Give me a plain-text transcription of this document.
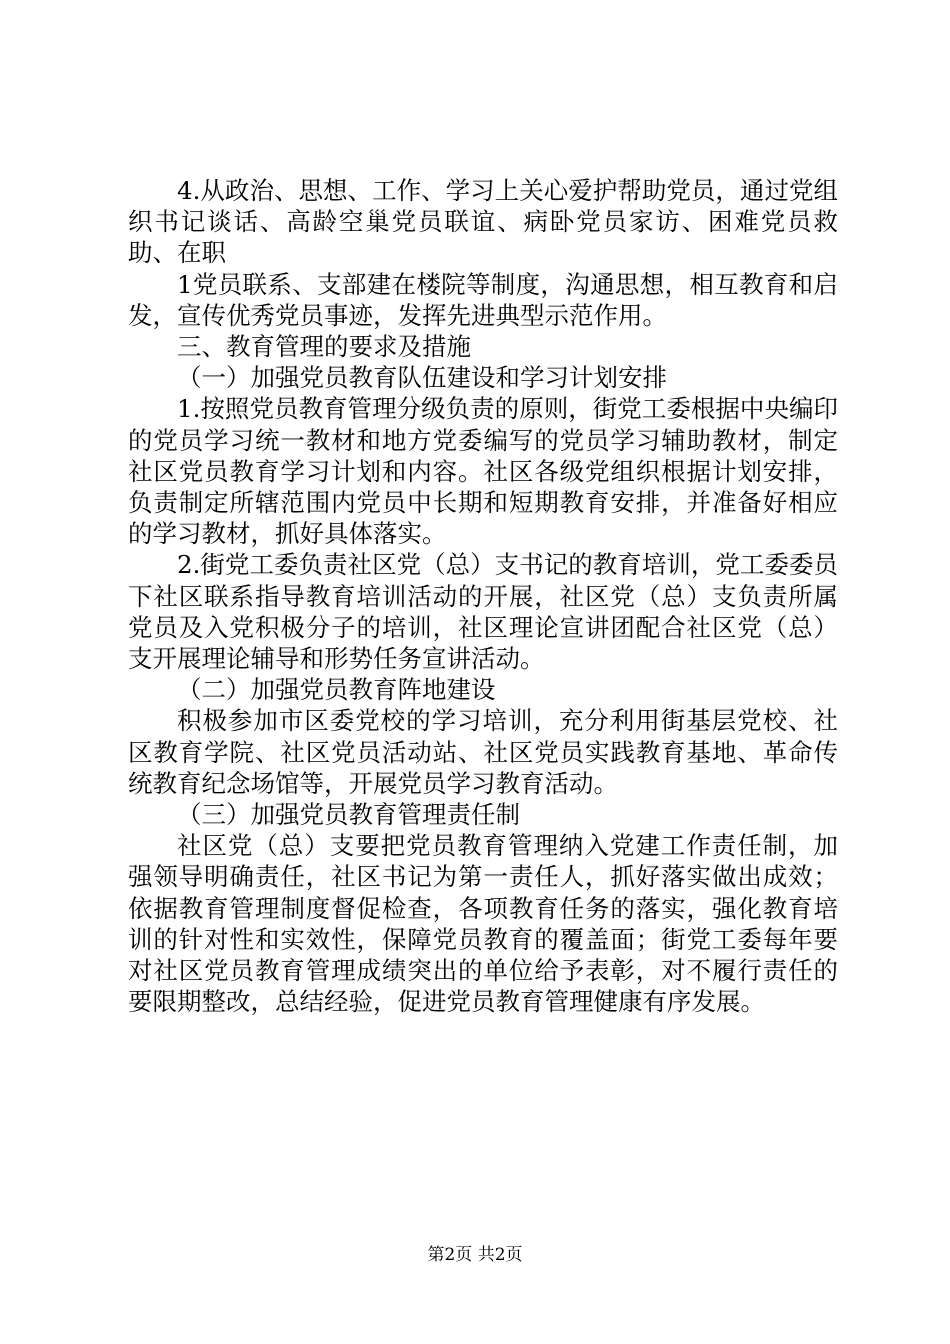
4.从政治、思想、工作、学习上关心爱护帮助党员，通过党组织书记谈话、高龄空巢党员联谊、病卧党员家访、困难党员救助、在职

1党员联系、支部建在楼院等制度，沟通思想，相互教育和启发，宣传优秀党员事迹，发挥先进典型示范作用。

三、教育管理的要求及措施

（一）加强党员教育队伍建设和学习计划安排

1.按照党员教育管理分级负责的原则，街党工委根据中央编印的党员学习统一教材和地方党委编写的党员学习辅助教材，制定社区党员教育学习计划和内容。社区各级党组织根据计划安排，负责制定所辖范围内党员中长期和短期教育安排，并准备好相应的学习教材，抓好具体落实。

2.街党工委负责社区党（总）支书记的教育培训，党工委委员下社区联系指导教育培训活动的开展，社区党（总）支负责所属党员及入党积极分子的培训，社区理论宣讲团配合社区党（总）支开展理论辅导和形势任务宣讲活动。

（二）加强党员教育阵地建设

积极参加市区委党校的学习培训，充分利用街基层党校、社区教育学院、社区党员活动站、社区党员实践教育基地、革命传统教育纪念场馆等，开展党员学习教育活动。

（三）加强党员教育管理责任制

社区党（总）支要把党员教育管理纳入党建工作责任制，加强领导明确责任，社区书记为第一责任人，抓好落实做出成效；依据教育管理制度督促检查，各项教育任务的落实，强化教育培训的针对性和实效性，保障党员教育的覆盖面；街党工委每年要对社区党员教育管理成绩突出的单位给予表彰，对不履行责任的要限期整改，总结经验，促进党员教育管理健康有序发展。

第2页 共2页
